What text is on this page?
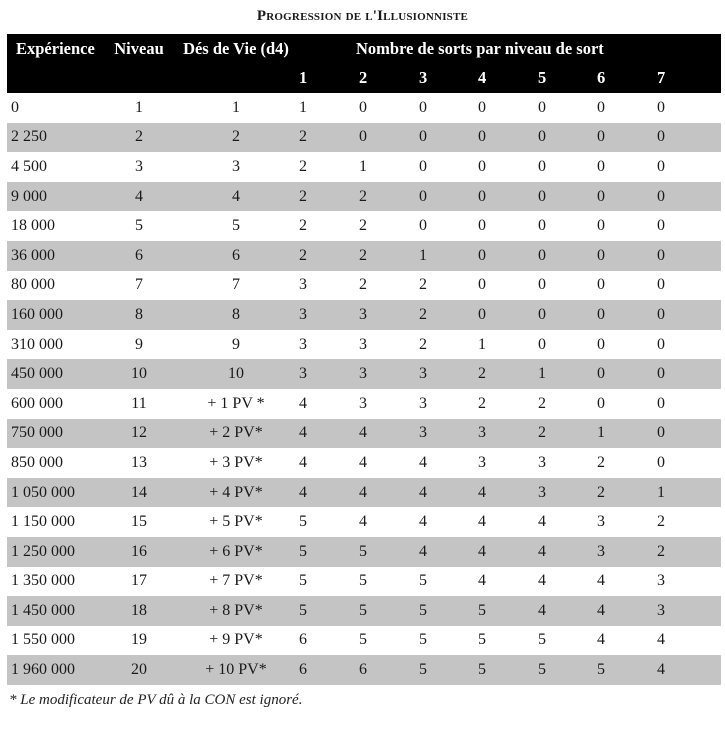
Progression de l'Illusionniste
Expérience	Niveau	Dés de Vie (d4)	Nombre de sorts par niveau de sort						
			1	2	3	4	5	6	7
0	1	1	1	0	0	0	0	0	0
2 250	2	2	2	0	0	0	0	0	0
4 500	3	3	2	1	0	0	0	0	0
9 000	4	4	2	2	0	0	0	0	0
18 000	5	5	2	2	0	0	0	0	0
36 000	6	6	2	2	1	0	0	0	0
80 000	7	7	3	2	2	0	0	0	0
160 000	8	8	3	3	2	0	0	0	0
310 000	9	9	3	3	2	1	0	0	0
450 000	10	10	3	3	3	2	1	0	0
600 000	11	+ 1 PV *	4	3	3	2	2	0	0
750 000	12	+ 2 PV*	4	4	3	3	2	1	0
850 000	13	+ 3 PV*	4	4	4	3	3	2	0
1 050 000	14	+ 4 PV*	4	4	4	4	3	2	1
1 150 000	15	+ 5 PV*	5	4	4	4	4	3	2
1 250 000	16	+ 6 PV*	5	5	4	4	4	3	2
1 350 000	17	+ 7 PV*	5	5	5	4	4	4	3
1 450 000	18	+ 8 PV*	5	5	5	5	4	4	3
1 550 000	19	+ 9 PV*	6	5	5	5	5	4	4
1 960 000	20	+ 10 PV*	6	6	5	5	5	5	4
* Le modificateur de PV dû à la CON est ignoré.
